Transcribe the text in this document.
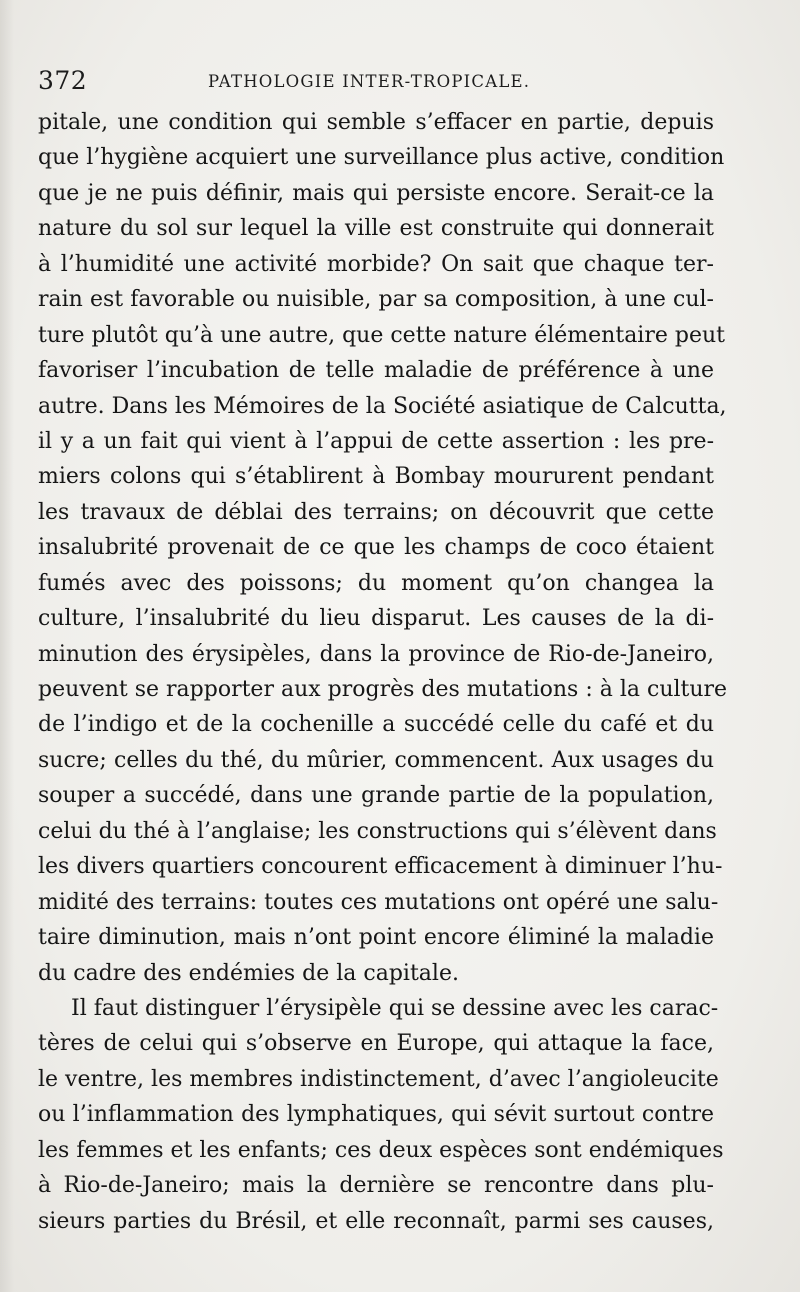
372	PATHOLOGIE INTER-TROPICALE.
pitale, une condition qui semble s’effacer en partie, depuis
que l’hygiène acquiert une surveillance plus active, condition
que je ne puis définir, mais qui persiste encore. Serait-ce la
nature du sol sur lequel la ville est construite qui donnerait
à l’humidité une activité morbide? On sait que chaque ter-
rain est favorable ou nuisible, par sa composition, à une cul-
ture plutôt qu’à une autre, que cette nature élémentaire peut
favoriser l’incubation de telle maladie de préférence à une
autre. Dans les Mémoires de la Société asiatique de Calcutta,
il y a un fait qui vient à l’appui de cette assertion : les pre-
miers colons qui s’établirent à Bombay moururent pendant
les travaux de déblai des terrains; on découvrit que cette
insalubrité provenait de ce que les champs de coco étaient
fumés avec des poissons; du moment qu’on changea la
culture, l’insalubrité du lieu disparut. Les causes de la di-
minution des érysipèles, dans la province de Rio-de-Janeiro,
peuvent se rapporter aux progrès des mutations : à la culture
de l’indigo et de la cochenille a succédé celle du café et du
sucre; celles du thé, du mûrier, commencent. Aux usages du
souper a succédé, dans une grande partie de la population,
celui du thé à l’anglaise; les constructions qui s’élèvent dans
les divers quartiers concourent efficacement à diminuer l’hu-
midité des terrains: toutes ces mutations ont opéré une salu-
taire diminution, mais n’ont point encore éliminé la maladie
du cadre des endémies de la capitale.
Il faut distinguer l’érysipèle qui se dessine avec les carac-
tères de celui qui s’observe en Europe, qui attaque la face,
le ventre, les membres indistinctement, d’avec l’angioleucite
ou l’inflammation des lymphatiques, qui sévit surtout contre
les femmes et les enfants; ces deux espèces sont endémiques
à Rio-de-Janeiro; mais la dernière se rencontre dans plu-
sieurs parties du Brésil, et elle reconnaît, parmi ses causes,
